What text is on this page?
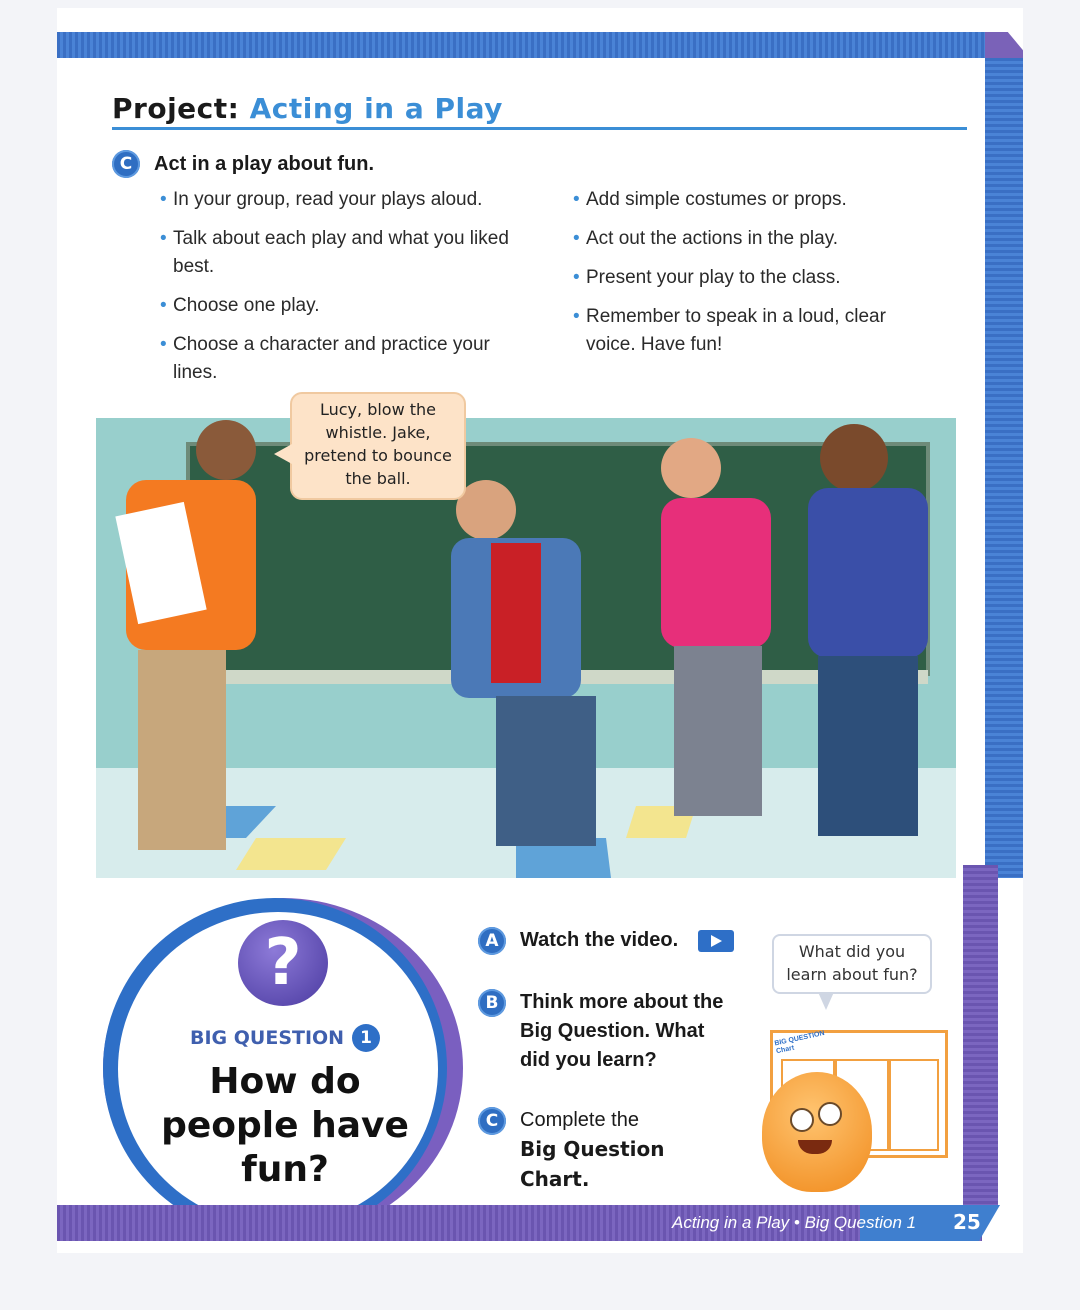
Project: Acting in a Play
C	Act in a play about fun.
• In your group, read your plays aloud.
• Talk about each play and what you liked best.
• Choose one play.
• Choose a character and practice your lines.
• Add simple costumes or props.
• Act out the actions in the play.
• Present your play to the class.
• Remember to speak in a loud, clear voice. Have fun!
Lucy, blow the whistle. Jake, pretend to bounce the ball.
?
BIG QUESTION 1
How do people have fun?
A	Watch the video.
B	Think more about the Big Question. What did you learn?
C	Complete the
Big Question Chart.
What did you learn about fun?
BIG QUESTION Chart
Acting in a Play • Big Question 1 25
